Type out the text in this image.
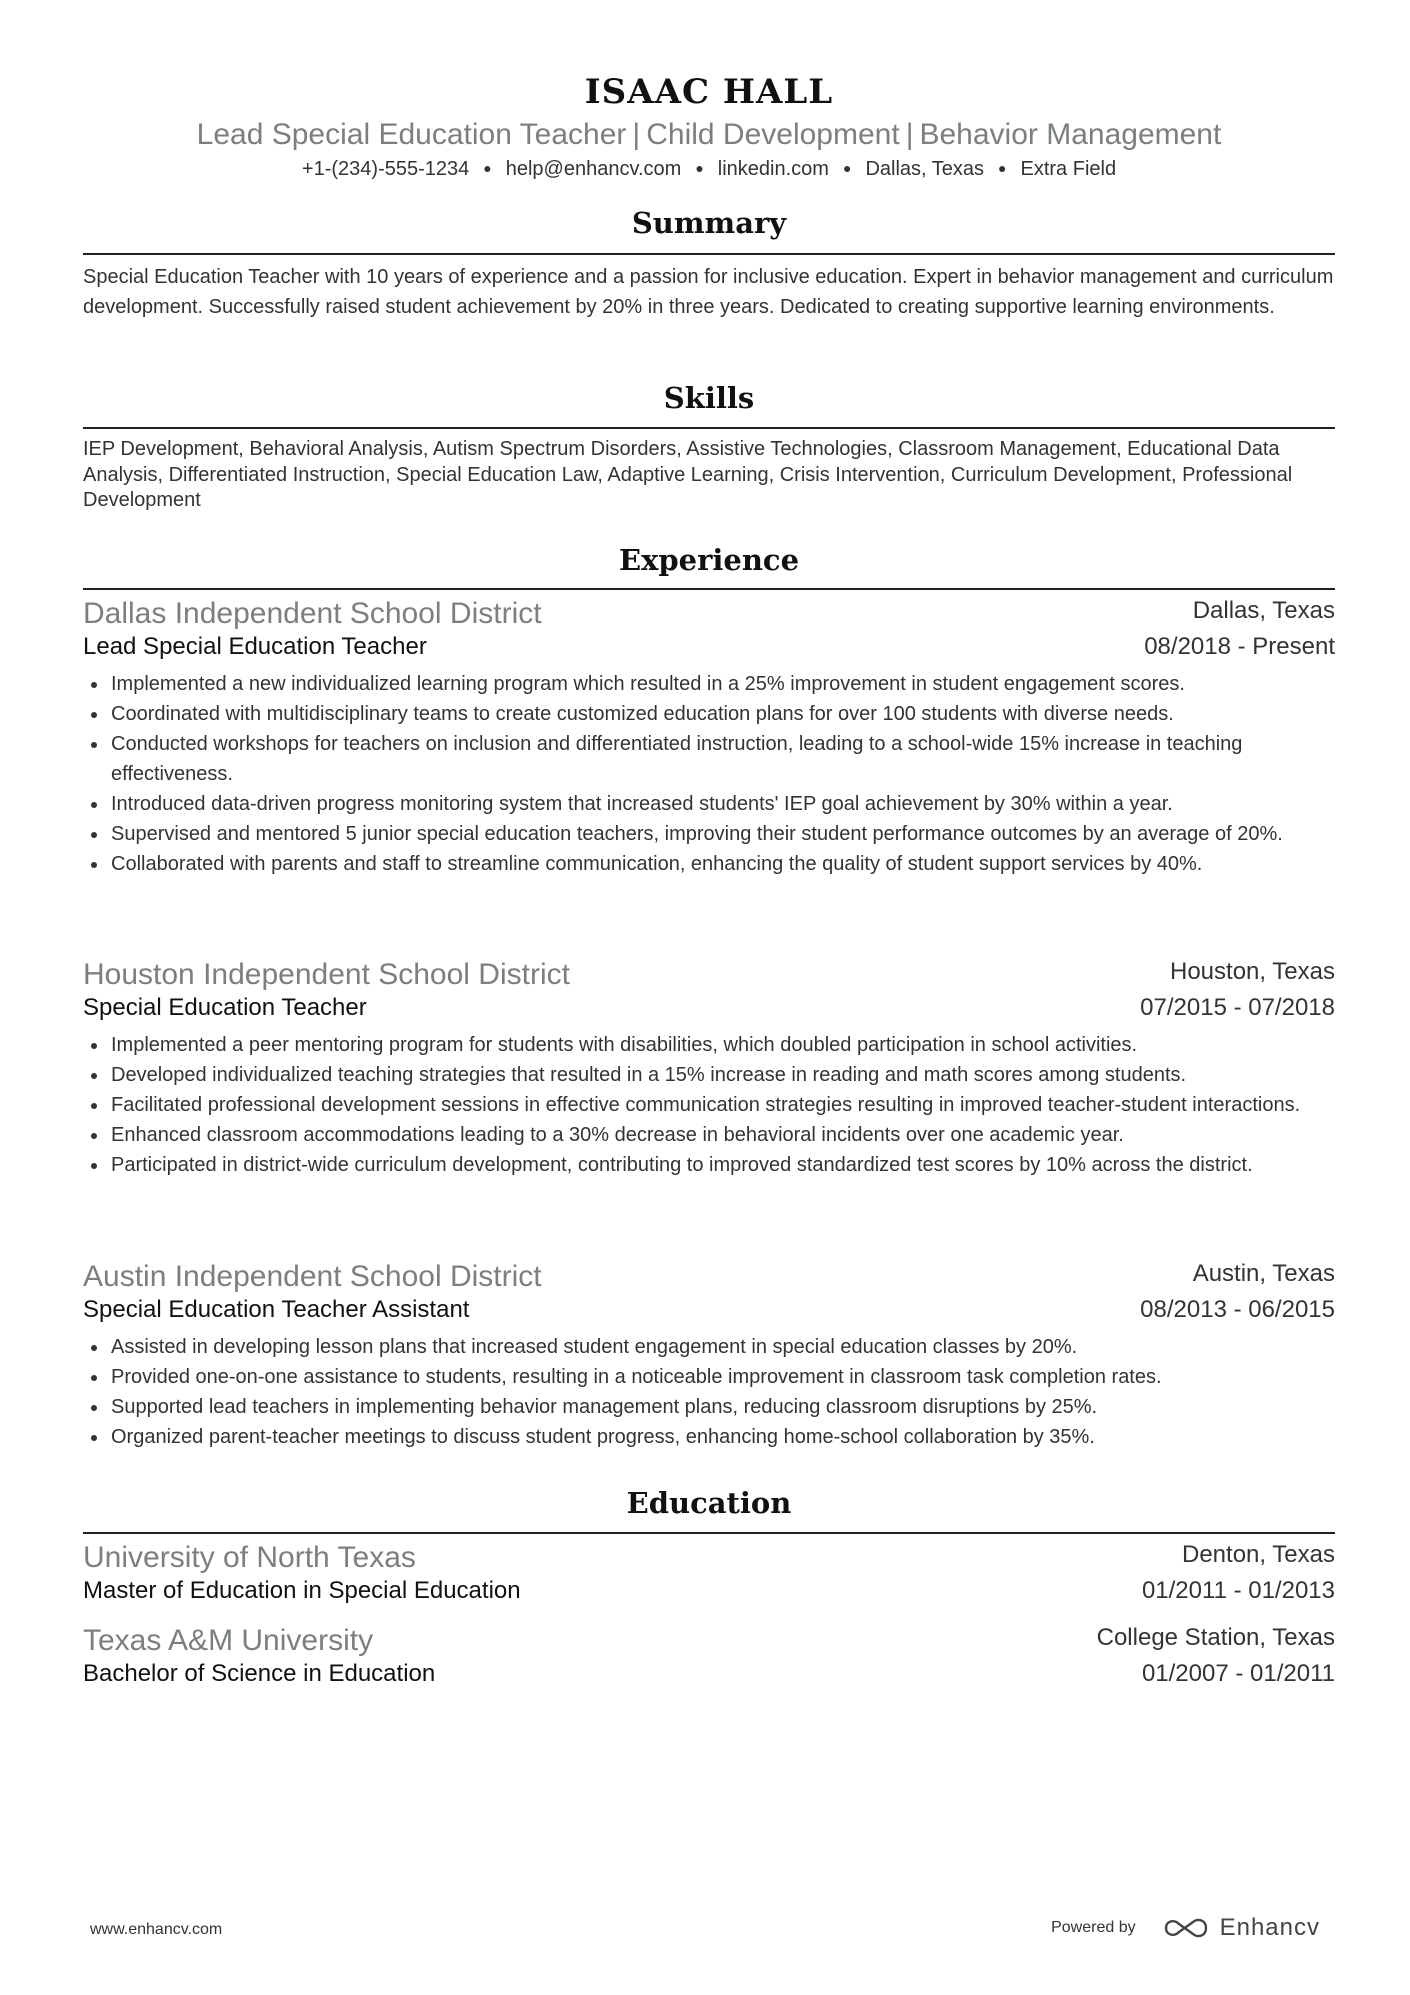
ISAAC HALL
Lead Special Education Teacher | Child Development | Behavior Management
+1-(234)-555-1234 ● help@enhancv.com ● linkedin.com ● Dallas, Texas ● Extra Field
Summary

Special Education Teacher with 10 years of experience and a passion for inclusive education. Expert in behavior management and curriculum development. Successfully raised student achievement by 20% in three years. Dedicated to creating supportive learning environments.

Skills

IEP Development, Behavioral Analysis, Autism Spectrum Disorders, Assistive Technologies, Classroom Management, Educational Data Analysis, Differentiated Instruction, Special Education Law, Adaptive Learning, Crisis Intervention, Curriculum Development, Professional Development

Experience
Dallas Independent School District	Dallas, Texas
Lead Special Education Teacher	08/2018 - Present
Implemented a new individualized learning program which resulted in a 25% improvement in student engagement scores.
Coordinated with multidisciplinary teams to create customized education plans for over 100 students with diverse needs.
Conducted workshops for teachers on inclusion and differentiated instruction, leading to a school-wide 15% increase in teaching effectiveness.
Introduced data-driven progress monitoring system that increased students' IEP goal achievement by 30% within a year.
Supervised and mentored 5 junior special education teachers, improving their student performance outcomes by an average of 20%.
Collaborated with parents and staff to streamline communication, enhancing the quality of student support services by 40%.
Houston Independent School District	Houston, Texas
Special Education Teacher	07/2015 - 07/2018
Implemented a peer mentoring program for students with disabilities, which doubled participation in school activities.
Developed individualized teaching strategies that resulted in a 15% increase in reading and math scores among students.
Facilitated professional development sessions in effective communication strategies resulting in improved teacher-student interactions.
Enhanced classroom accommodations leading to a 30% decrease in behavioral incidents over one academic year.
Participated in district-wide curriculum development, contributing to improved standardized test scores by 10% across the district.
Austin Independent School District	Austin, Texas
Special Education Teacher Assistant	08/2013 - 06/2015
Assisted in developing lesson plans that increased student engagement in special education classes by 20%.
Provided one-on-one assistance to students, resulting in a noticeable improvement in classroom task completion rates.
Supported lead teachers in implementing behavior management plans, reducing classroom disruptions by 25%.
Organized parent-teacher meetings to discuss student progress, enhancing home-school collaboration by 35%.
Education
University of North Texas	Denton, Texas
Master of Education in Special Education	01/2011 - 01/2013
Texas A&M University	College Station, Texas
Bachelor of Science in Education	01/2007 - 01/2011
www.enhancv.com	Powered by	Enhancv
